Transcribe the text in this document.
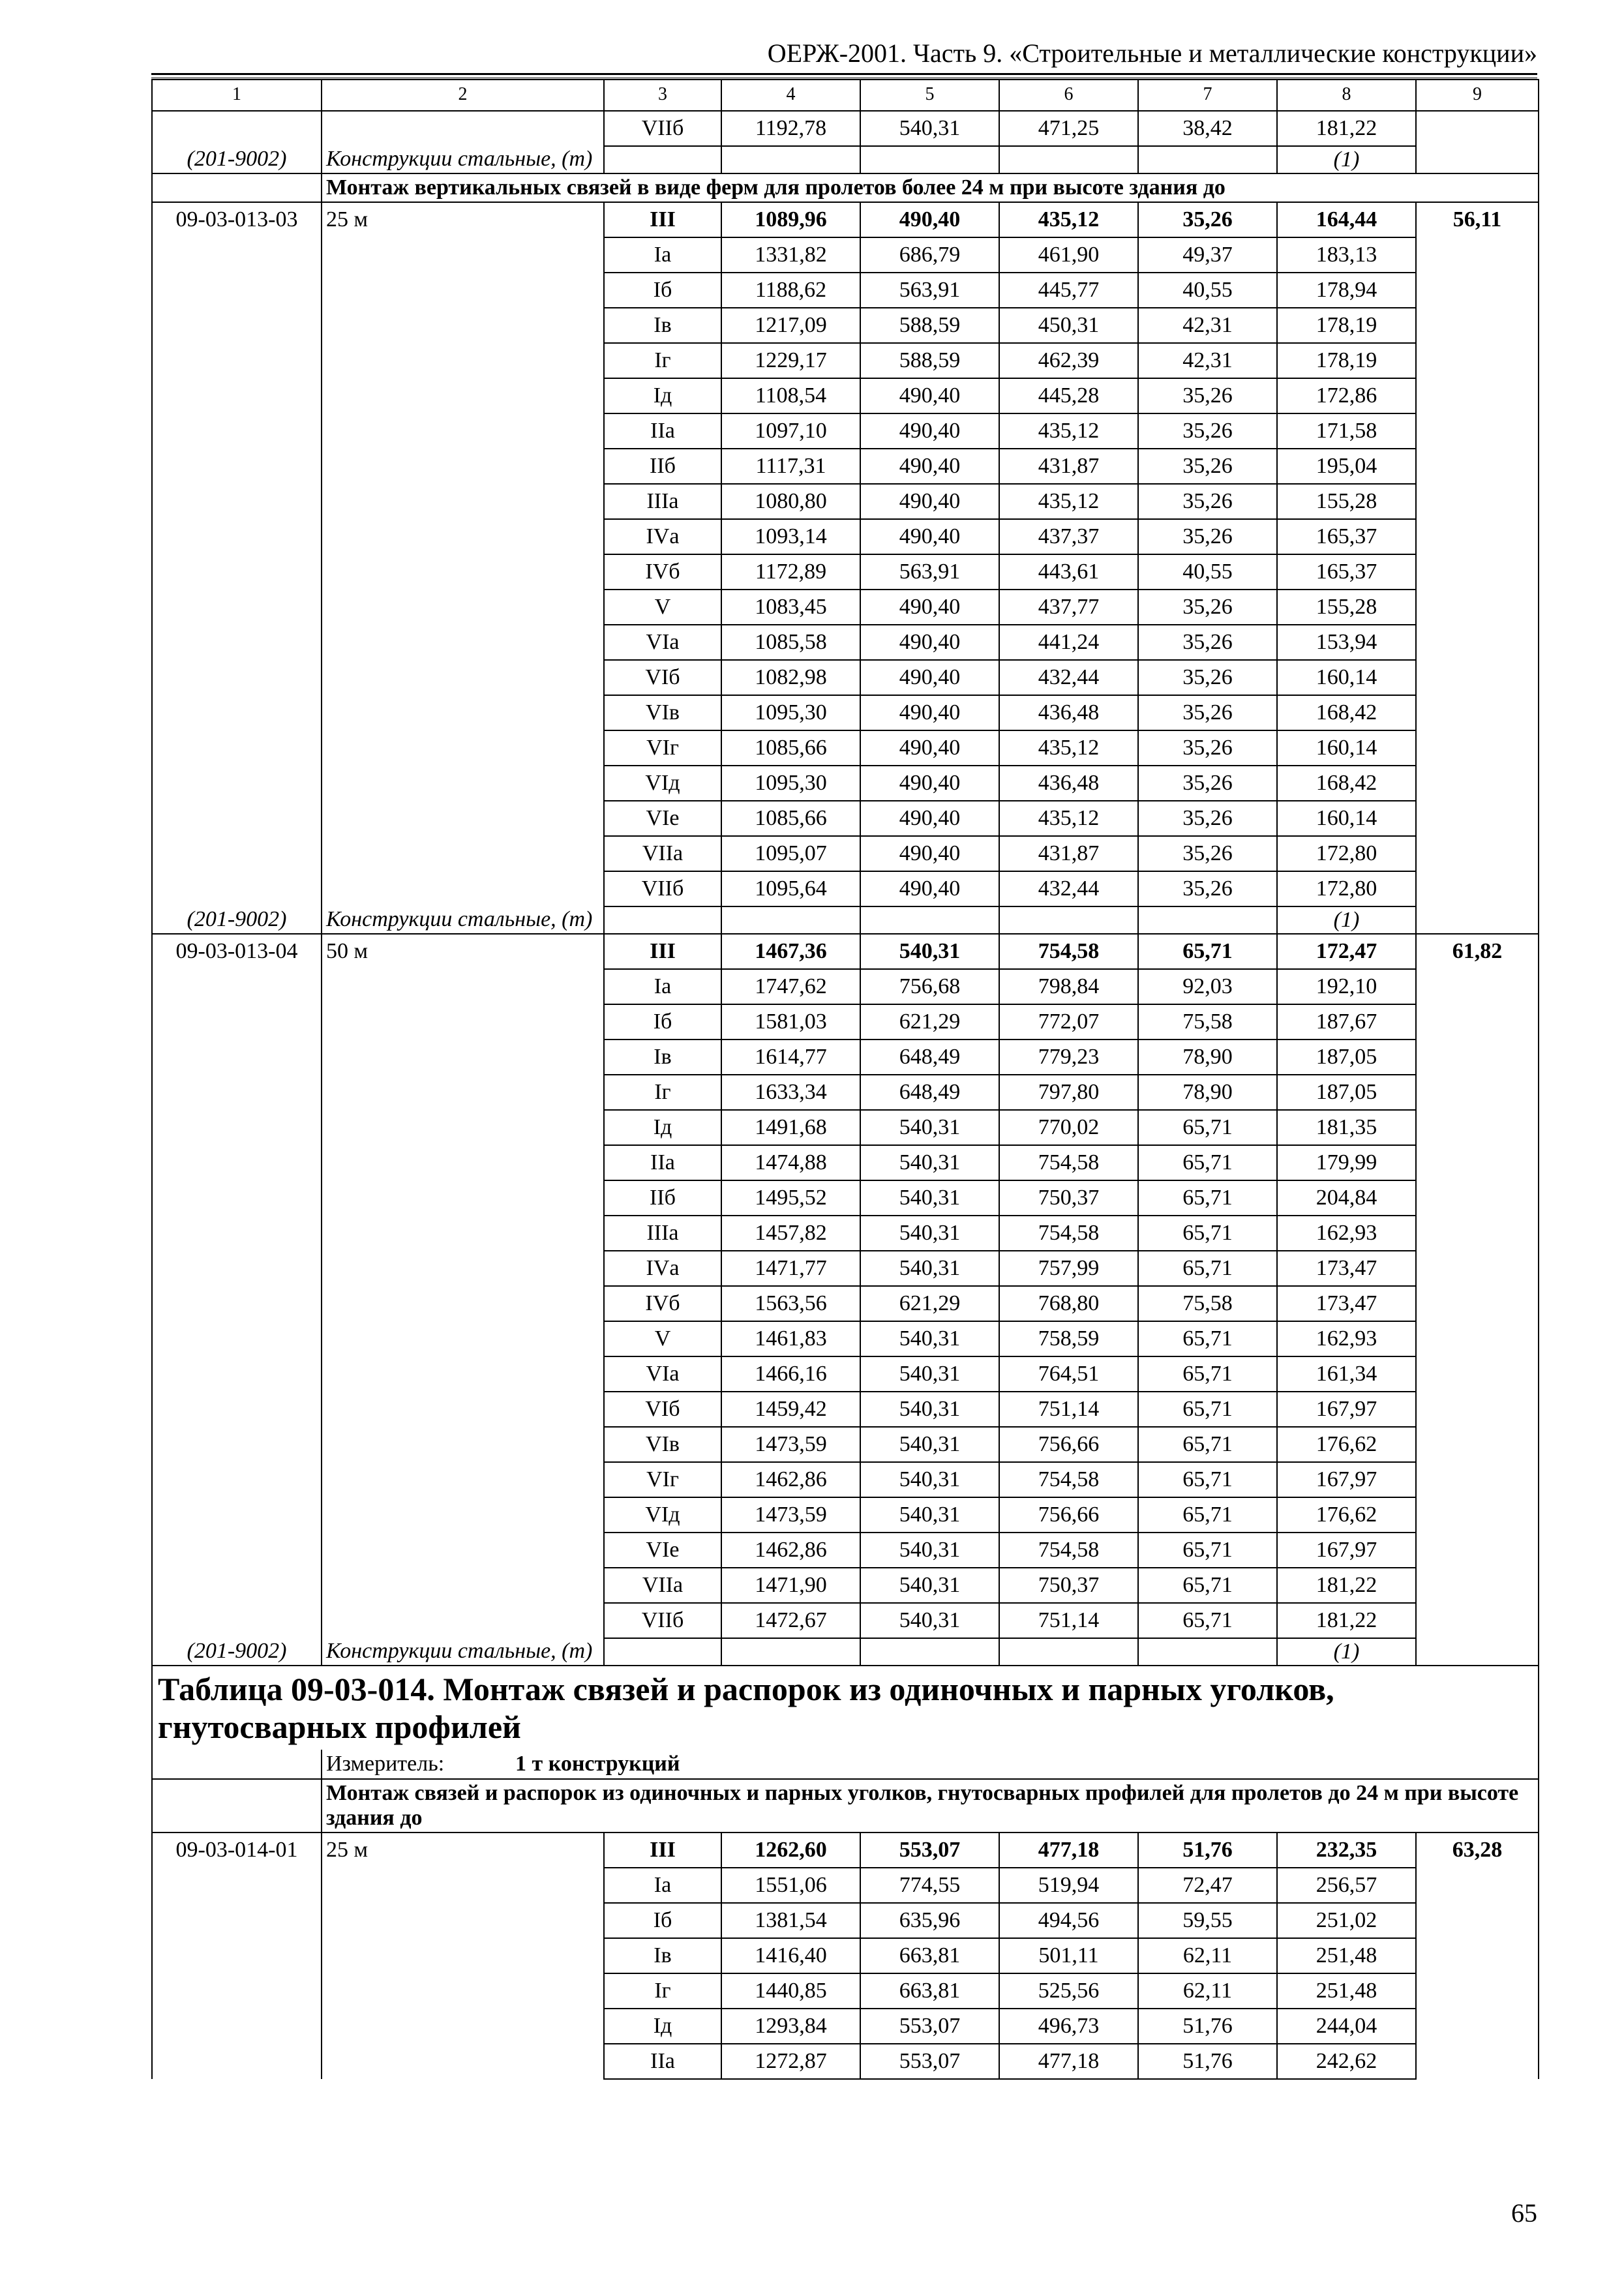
ОЕРЖ-2001. Часть 9. «Строительные и металлические конструкции»
1	2	3	4	5	6	7	8	9
		VIIб	1192,78	540,31	471,25	38,42	181,22	
(201-9002)	Конструкции стальные, (т)						(1)	
	Монтаж вертикальных связей в виде ферм для пролетов более 24 м при высоте здания до							
09-03-013-03	25 м	III	1089,96	490,40	435,12	35,26	164,44	56,11
		Iа	1331,82	686,79	461,90	49,37	183,13	
		Iб	1188,62	563,91	445,77	40,55	178,94	
		Iв	1217,09	588,59	450,31	42,31	178,19	
		Iг	1229,17	588,59	462,39	42,31	178,19	
		Iд	1108,54	490,40	445,28	35,26	172,86	
		IIа	1097,10	490,40	435,12	35,26	171,58	
		IIб	1117,31	490,40	431,87	35,26	195,04	
		IIIа	1080,80	490,40	435,12	35,26	155,28	
		IVа	1093,14	490,40	437,37	35,26	165,37	
		IVб	1172,89	563,91	443,61	40,55	165,37	
		V	1083,45	490,40	437,77	35,26	155,28	
		VIа	1085,58	490,40	441,24	35,26	153,94	
		VIб	1082,98	490,40	432,44	35,26	160,14	
		VIв	1095,30	490,40	436,48	35,26	168,42	
		VIг	1085,66	490,40	435,12	35,26	160,14	
		VIд	1095,30	490,40	436,48	35,26	168,42	
		VIе	1085,66	490,40	435,12	35,26	160,14	
		VIIа	1095,07	490,40	431,87	35,26	172,80	
		VIIб	1095,64	490,40	432,44	35,26	172,80	
(201-9002)	Конструкции стальные, (т)						(1)	
09-03-013-04	50 м	III	1467,36	540,31	754,58	65,71	172,47	61,82
		Iа	1747,62	756,68	798,84	92,03	192,10	
		Iб	1581,03	621,29	772,07	75,58	187,67	
		Iв	1614,77	648,49	779,23	78,90	187,05	
		Iг	1633,34	648,49	797,80	78,90	187,05	
		Iд	1491,68	540,31	770,02	65,71	181,35	
		IIа	1474,88	540,31	754,58	65,71	179,99	
		IIб	1495,52	540,31	750,37	65,71	204,84	
		IIIа	1457,82	540,31	754,58	65,71	162,93	
		IVа	1471,77	540,31	757,99	65,71	173,47	
		IVб	1563,56	621,29	768,80	75,58	173,47	
		V	1461,83	540,31	758,59	65,71	162,93	
		VIа	1466,16	540,31	764,51	65,71	161,34	
		VIб	1459,42	540,31	751,14	65,71	167,97	
		VIв	1473,59	540,31	756,66	65,71	176,62	
		VIг	1462,86	540,31	754,58	65,71	167,97	
		VIд	1473,59	540,31	756,66	65,71	176,62	
		VIе	1462,86	540,31	754,58	65,71	167,97	
		VIIа	1471,90	540,31	750,37	65,71	181,22	
		VIIб	1472,67	540,31	751,14	65,71	181,22	
(201-9002)	Конструкции стальные, (т)						(1)	
Таблица 09-03-014. Монтаж связей и распорок из одиночных и парных уголков, гнутосварных профилей								
	Измеритель: 1 т конструкций							
	Монтаж связей и распорок из одиночных и парных уголков, гнутосварных профилей для пролетов до 24 м при высоте здания до							
09-03-014-01	25 м	III	1262,60	553,07	477,18	51,76	232,35	63,28
		Iа	1551,06	774,55	519,94	72,47	256,57	
		Iб	1381,54	635,96	494,56	59,55	251,02	
		Iв	1416,40	663,81	501,11	62,11	251,48	
		Iг	1440,85	663,81	525,56	62,11	251,48	
		Iд	1293,84	553,07	496,73	51,76	244,04	
		IIа	1272,87	553,07	477,18	51,76	242,62	
65
